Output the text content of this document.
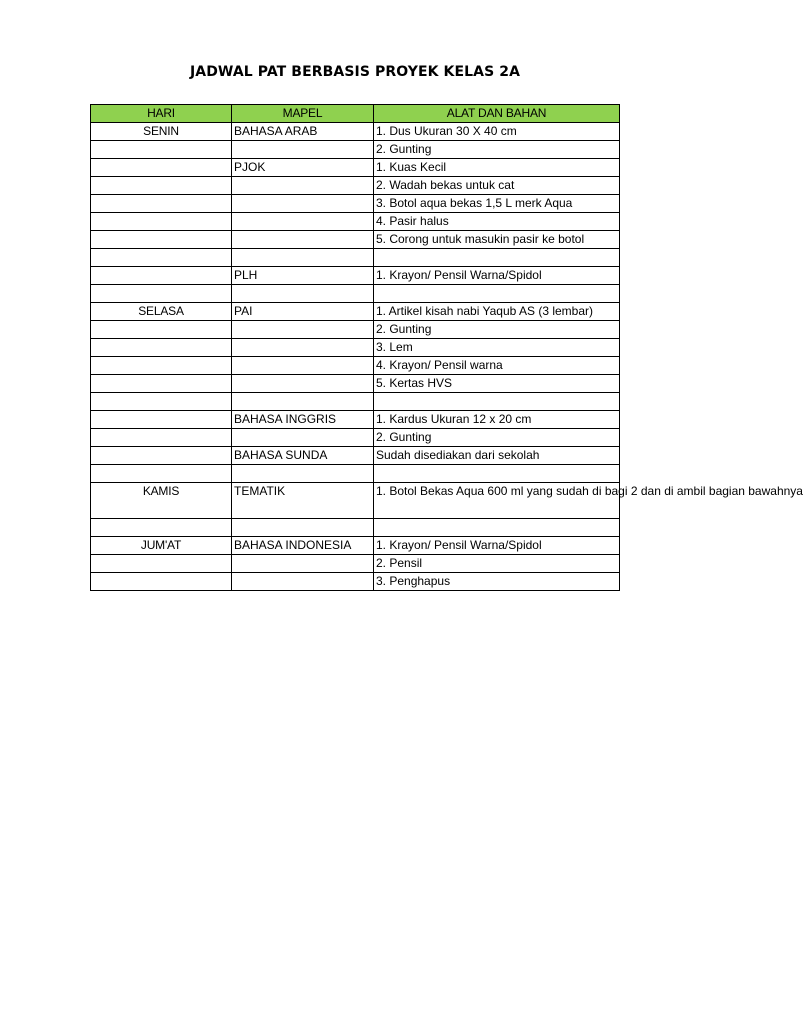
JADWAL PAT BERBASIS PROYEK KELAS 2A
HARI	MAPEL	ALAT DAN BAHAN
SENIN	BAHASA ARAB	1. Dus Ukuran 30 X 40 cm
		2. Gunting
	PJOK	1. Kuas Kecil
		2. Wadah bekas untuk cat
		3. Botol aqua bekas 1,5 L merk Aqua
		4. Pasir halus
		5. Corong untuk masukin pasir ke botol

	PLH	1. Krayon/ Pensil Warna/Spidol

SELASA	PAI	1. Artikel kisah nabi Yaqub AS (3 lembar)
		2. Gunting
		3. Lem
		4. Krayon/ Pensil warna
		5. Kertas HVS

	BAHASA INGGRIS	1. Kardus Ukuran 12 x 20 cm
		2. Gunting
	BAHASA SUNDA	Sudah disediakan dari sekolah

KAMIS	TEMATIK	1. Botol Bekas Aqua 600 ml yang sudah di bagi 2 dan di ambil bagian bawahnya

JUM'AT	BAHASA INDONESIA	1. Krayon/ Pensil Warna/Spidol
		2. Pensil
		3. Penghapus
